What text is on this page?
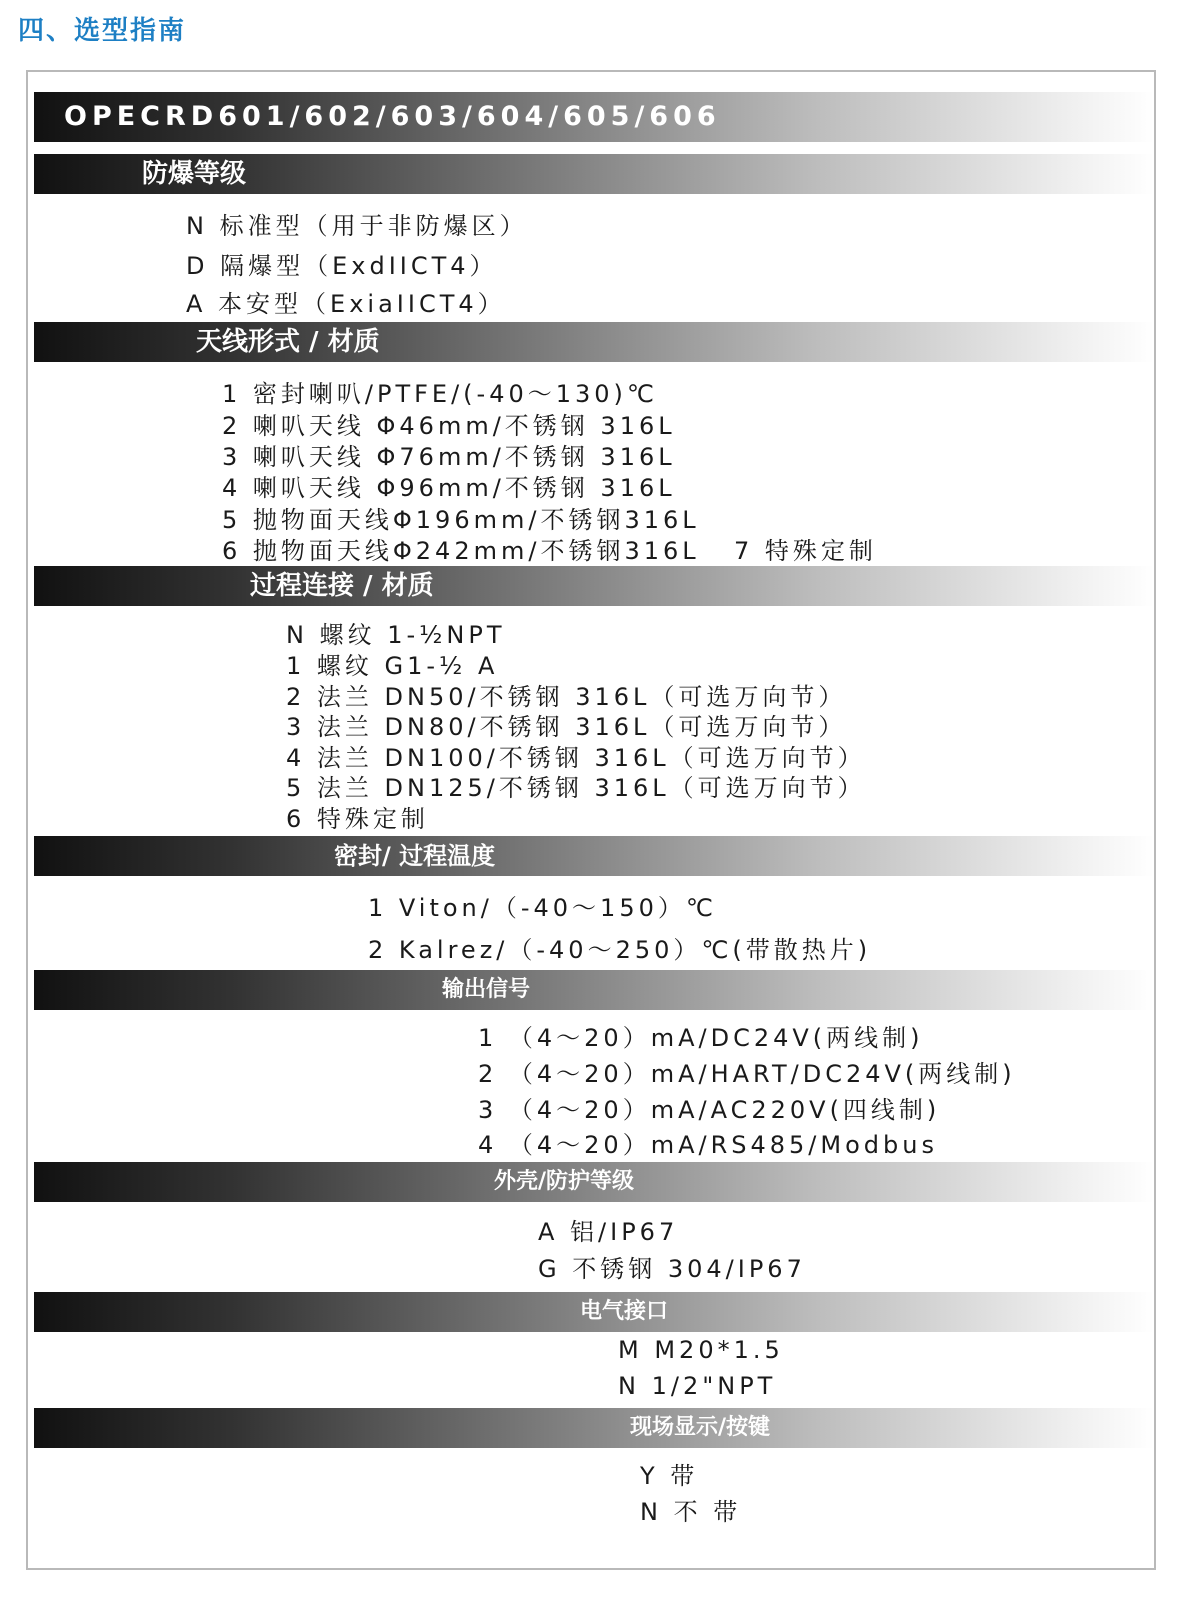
四、选型指南
OPECRD601/602/603/604/605/606
防爆等级
N 标准型（用于非防爆区）
D 隔爆型（ExdIICT4）
A 本安型（ExiaIICT4）
天线形式 / 材质
1 密封喇叭/PTFE/(-40～130)℃
2 喇叭天线 Φ46mm/不锈钢 316L
3 喇叭天线 Φ76mm/不锈钢 316L
4 喇叭天线 Φ96mm/不锈钢 316L
5 抛物面天线Φ196mm/不锈钢316L
6 抛物面天线Φ242mm/不锈钢316L 7 特殊定制
过程连接 / 材质
N 螺纹 1-½NPT
1 螺纹 G1-½ A
2 法兰 DN50/不锈钢 316L（可选万向节）
3 法兰 DN80/不锈钢 316L（可选万向节）
4 法兰 DN100/不锈钢 316L（可选万向节）
5 法兰 DN125/不锈钢 316L（可选万向节）
6 特殊定制
密封/ 过程温度
1 Viton/（-40～150）℃
2 Kalrez/（-40～250）℃(带散热片)
输出信号
1 （4～20）mA/DC24V(两线制)
2 （4～20）mA/HART/DC24V(两线制)
3 （4～20）mA/AC220V(四线制)
4 （4～20）mA/RS485/Modbus
外壳/防护等级
A 铝/IP67
G 不锈钢 304/IP67
电气接口
M M20*1.5
N 1/2"NPT
现场显示/按键
Y 带
N 不 带
